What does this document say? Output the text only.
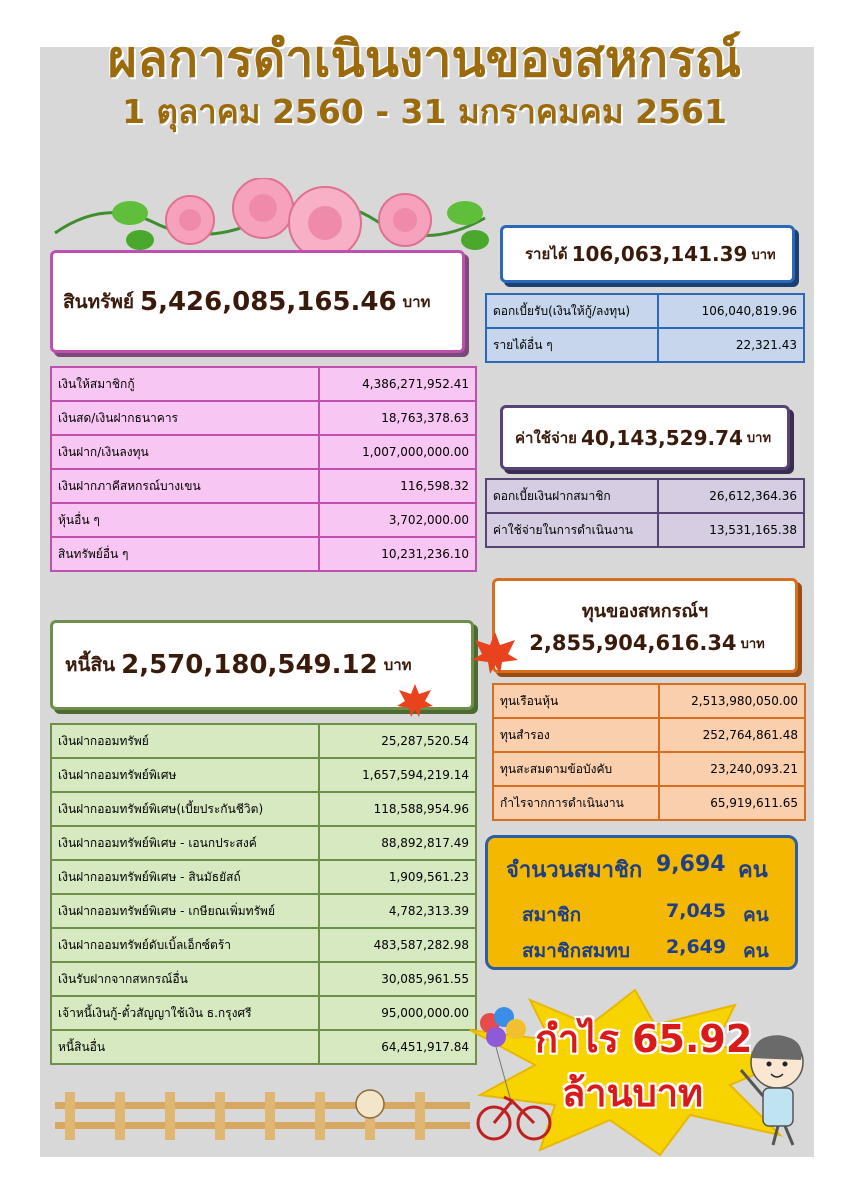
ผลการดำเนินงานของสหกรณ์
1 ตุลาคม 2560 - 31 มกราคมคม 2561
สินทรัพย์ 5,426,085,165.46 บาท
เงินให้สมาชิกกู้	4,386,271,952.41
เงินสด/เงินฝากธนาคาร	18,763,378.63
เงินฝาก/เงินลงทุน	1,007,000,000.00
เงินฝากภาคีสหกรณ์บางเขน	116,598.32
หุ้นอื่น ๆ	3,702,000.00
สินทรัพย์อื่น ๆ	10,231,236.10
หนี้สิน 2,570,180,549.12 บาท
เงินฝากออมทรัพย์	25,287,520.54
เงินฝากออมทรัพย์พิเศษ	1,657,594,219.14
เงินฝากออมทรัพย์พิเศษ(เบี้ยประกันชีวิต)	118,588,954.96
เงินฝากออมทรัพย์พิเศษ - เอนกประสงค์	88,892,817.49
เงินฝากออมทรัพย์พิเศษ - สินมัธยัสถ์	1,909,561.23
เงินฝากออมทรัพย์พิเศษ - เกษียณเพิ่มทรัพย์	4,782,313.39
เงินฝากออมทรัพย์ดับเบิ้ลเอ็กซ์ตร้า	483,587,282.98
เงินรับฝากจากสหกรณ์อื่น	30,085,961.55
เจ้าหนี้เงินกู้-ตั๋วสัญญาใช้เงิน ธ.กรุงศรี	95,000,000.00
หนี้สินอื่น	64,451,917.84
รายได้ 106,063,141.39 บาท
ดอกเบี้ยรับ(เงินให้กู้/ลงทุน)	106,040,819.96
รายได้อื่น ๆ	22,321.43
ค่าใช้จ่าย 40,143,529.74 บาท
ดอกเบี้ยเงินฝากสมาชิก	26,612,364.36
ค่าใช้จ่ายในการดำเนินงาน	13,531,165.38
ทุนของสหกรณ์ฯ
2,855,904,616.34 บาท
ทุนเรือนหุ้น	2,513,980,050.00
ทุนสำรอง	252,764,861.48
ทุนสะสมตามข้อบังคับ	23,240,093.21
กำไรจากการดำเนินงาน	65,919,611.65
จำนวนสมาชิก 9,694 คน
สมาชิก	7,045 คน
สมาชิกสมทบ 2,649 คน
กำไร 65.92
ล้านบาท
